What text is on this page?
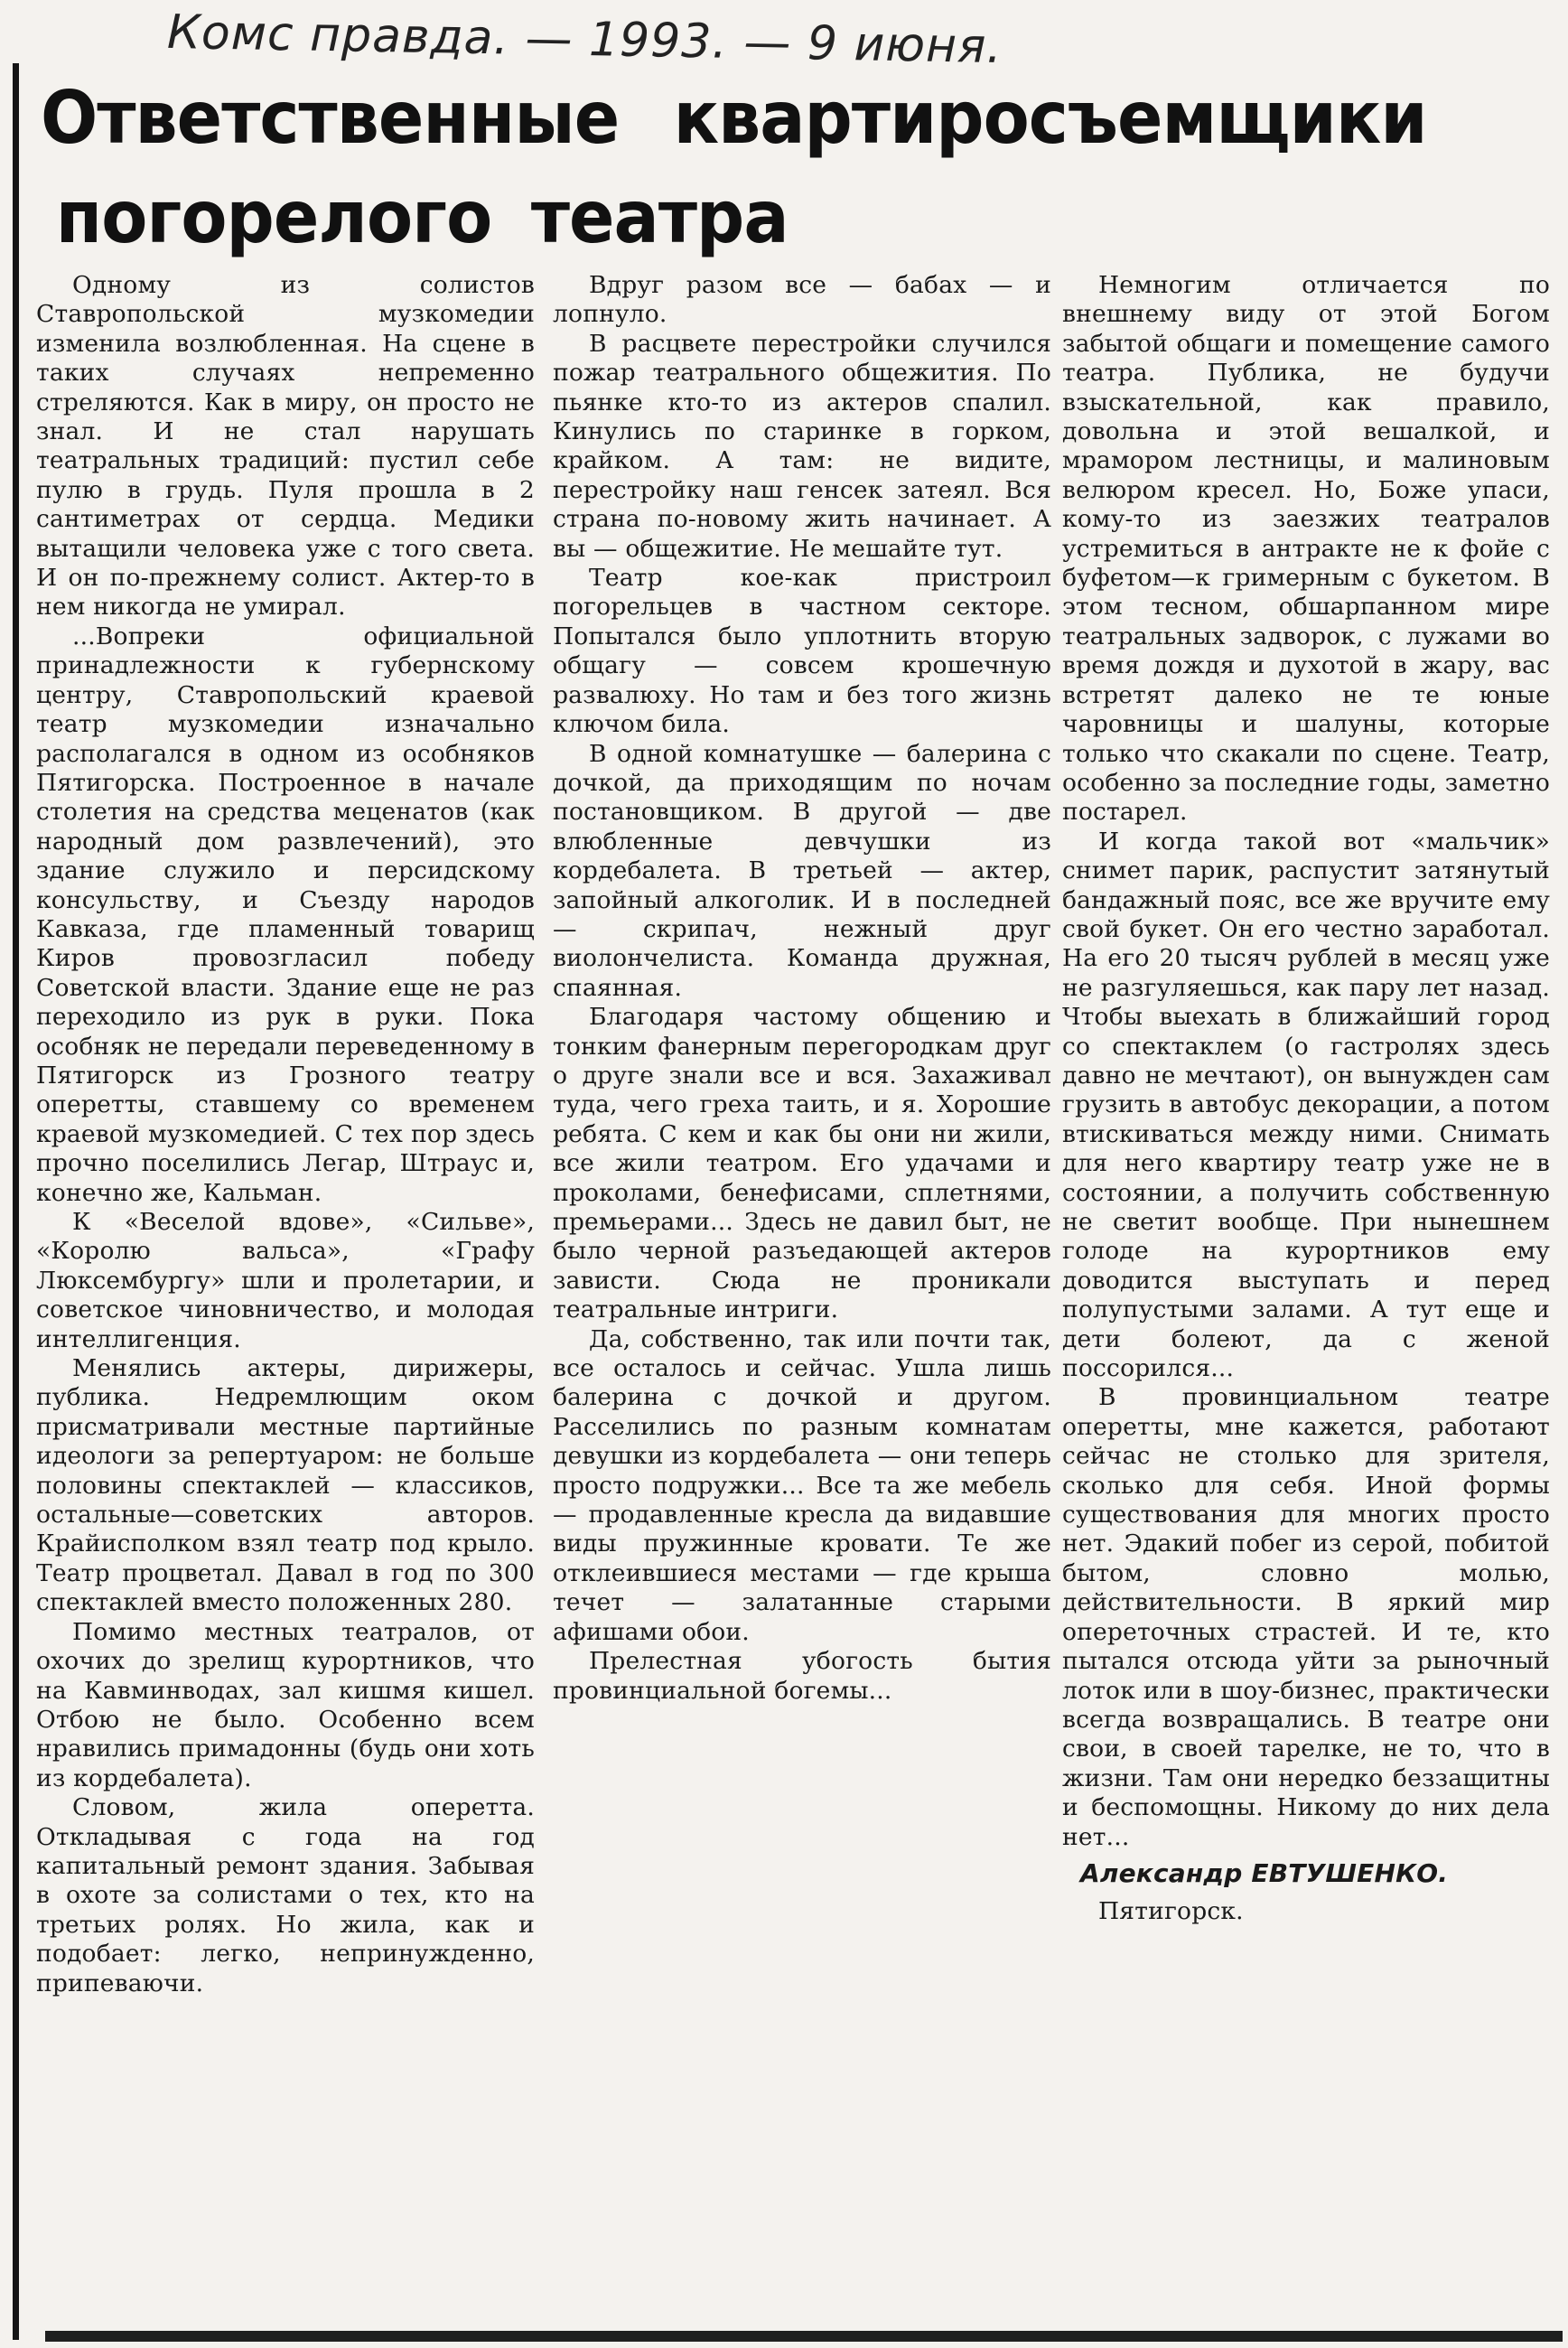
Комс правда. — 1993. — 9 июня.
Ответственные квартиросъемщики
погорелого театра

Одному из солистов Ставропольской музкомедии изменила возлюбленная. На сцене в таких случаях непременно стреляются. Как в миру, он просто не знал. И не стал нарушать театральных традиций: пустил себе пулю в грудь. Пуля прошла в 2 сантиметрах от сердца. Медики вытащили человека уже с того света. И он по-прежнему солист. Актер-то в нем никогда не умирал.

...Вопреки официальной принадлежности к губернскому центру, Ставропольский краевой театр музкомедии изначально располагался в одном из особняков Пятигорска. Построенное в начале столетия на средства меценатов (как народный дом развлечений), это здание служило и персидскому консульству, и Съезду народов Кавказа, где пламенный товарищ Киров провозгласил победу Советской власти. Здание еще не раз переходило из рук в руки. Пока особняк не передали переведенному в Пятигорск из Грозного театру оперетты, ставшему со временем краевой музкомедией. С тех пор здесь прочно поселились Легар, Штраус и, конечно же, Кальман.

К «Веселой вдове», «Сильве», «Королю вальса», «Графу Люксембургу» шли и пролетарии, и советское чиновничество, и молодая интеллигенция.

Менялись актеры, дирижеры, публика. Недремлющим оком присматривали местные партийные идеологи за репертуаром: не больше половины спектаклей — классиков, остальные—советских авторов. Крайисполком взял театр под крыло. Театр процветал. Давал в год по 300 спектаклей вместо положенных 280.

Помимо местных театралов, от охочих до зрелищ курортников, что на Кавминводах, зал кишмя кишел. Отбою не было. Особенно всем нравились примадонны (будь они хоть из кордебалета).

Словом, жила оперетта. Откладывая с года на год капитальный ремонт здания. Забывая в охоте за солистами о тех, кто на третьих ролях. Но жила, как и подобает: легко, непринужденно, припеваючи.

Вдруг разом все — бабах — и лопнуло.

В расцвете перестройки случился пожар театрального общежития. По пьянке кто-то из актеров спалил. Кинулись по старинке в горком, крайком. А там: не видите, перестройку наш генсек затеял. Вся страна по-новому жить начинает. А вы — общежитие. Не мешайте тут.

Театр кое-как пристроил погорельцев в частном секторе. Попытался было уплотнить вторую общагу — совсем крошечную развалюху. Но там и без того жизнь ключом била.

В одной комнатушке — балерина с дочкой, да приходящим по ночам постановщиком. В другой — две влюбленные девчушки из кордебалета. В третьей — актер, запойный алкоголик. И в последней — скрипач, нежный друг виолончелиста. Команда дружная, спаянная.

Благодаря частому общению и тонким фанерным перегородкам друг о друге знали все и вся. Захаживал туда, чего греха таить, и я. Хорошие ребята. С кем и как бы они ни жили, все жили театром. Его удачами и проколами, бенефисами, сплетнями, премьерами... Здесь не давил быт, не было черной разъедающей актеров зависти. Сюда не проникали театральные интриги.

Да, собственно, так или почти так, все осталось и сейчас. Ушла лишь балерина с дочкой и другом. Расселились по разным комнатам девушки из кордебалета — они теперь просто подружки... Все та же мебель — продавленные кресла да видавшие виды пружинные кровати. Те же отклеившиеся местами — где крыша течет — залатанные старыми афишами обои.

Прелестная убогость бытия провинциальной богемы...

Немногим отличается по внешнему виду от этой Богом забытой общаги и помещение самого театра. Публика, не будучи взыскательной, как правило, довольна и этой вешалкой, и мрамором лестницы, и малиновым велюром кресел. Но, Боже упаси, кому-то из заезжих театралов устремиться в антракте не к фойе с буфетом—к гримерным с букетом. В этом тесном, обшарпанном мире театральных задворок, с лужами во время дождя и духотой в жару, вас встретят далеко не те юные чаровницы и шалуны, которые только что скакали по сцене. Театр, особенно за последние годы, заметно постарел.

И когда такой вот «мальчик» снимет парик, распустит затянутый бандажный пояс, все же вручите ему свой букет. Он его честно заработал. На его 20 тысяч рублей в месяц уже не разгуляешься, как пару лет назад. Чтобы выехать в ближайший город со спектаклем (о гастролях здесь давно не мечтают), он вынужден сам грузить в автобус декорации, а потом втискиваться между ними. Снимать для него квартиру театр уже не в состоянии, а получить собственную не светит вообще. При нынешнем голоде на курортников ему доводится выступать и перед полупустыми залами. А тут еще и дети болеют, да с женой поссорился...

В провинциальном театре оперетты, мне кажется, работают сейчас не столько для зрителя, сколько для себя. Иной формы существования для многих просто нет. Эдакий побег из серой, побитой бытом, словно молью, действительности. В яркий мир опереточных страстей. И те, кто пытался отсюда уйти за рыночный лоток или в шоу-бизнес, практически всегда возвращались. В театре они свои, в своей тарелке, не то, что в жизни. Там они нередко беззащитны и беспомощны. Никому до них дела нет...

Александр ЕВТУШЕНКО.

Пятигорск.
